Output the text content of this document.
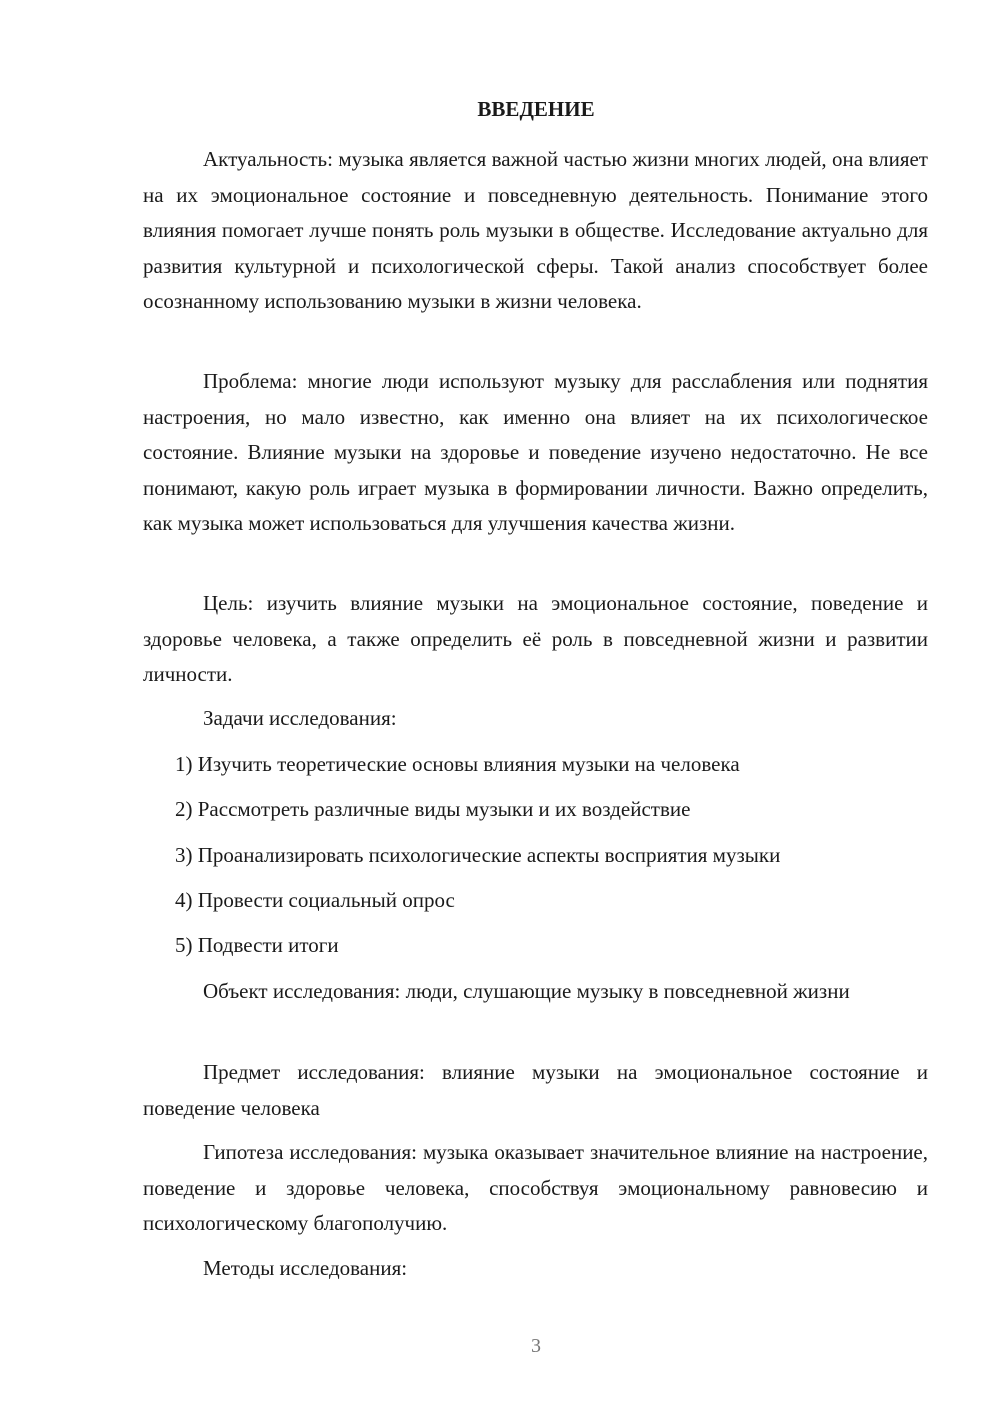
ВВЕДЕНИЕ

Актуальность: музыка является важной частью жизни многих людей, она влияет на их эмоциональное состояние и повседневную деятельность. Понимание этого влияния помогает лучше понять роль музыки в обществе. Исследование актуально для развития культурной и психологической сферы. Такой анализ способствует более осознанному использованию музыки в жизни человека.

Проблема: многие люди используют музыку для расслабления или поднятия настроения, но мало известно, как именно она влияет на их психологическое состояние. Влияние музыки на здоровье и поведение изучено недостаточно. Не все понимают, какую роль играет музыка в формировании личности. Важно определить, как музыка может использоваться для улучшения качества жизни.

Цель: изучить влияние музыки на эмоциональное состояние, поведение и здоровье человека, а также определить её роль в повседневной жизни и развитии личности.

Задачи исследования:
1) Изучить теоретические основы влияния музыки на человека
2) Рассмотреть различные виды музыки и их воздействие
3) Проанализировать психологические аспекты восприятия музыки
4) Провести социальный опрос
5) Подвести итоги

Объект исследования: люди, слушающие музыку в повседневной жизни

Предмет исследования: влияние музыки на эмоциональное состояние и поведение человека

Гипотеза исследования: музыка оказывает значительное влияние на настроение, поведение и здоровье человека, способствуя эмоциональному равновесию и психологическому благополучию.

Методы исследования:
3
